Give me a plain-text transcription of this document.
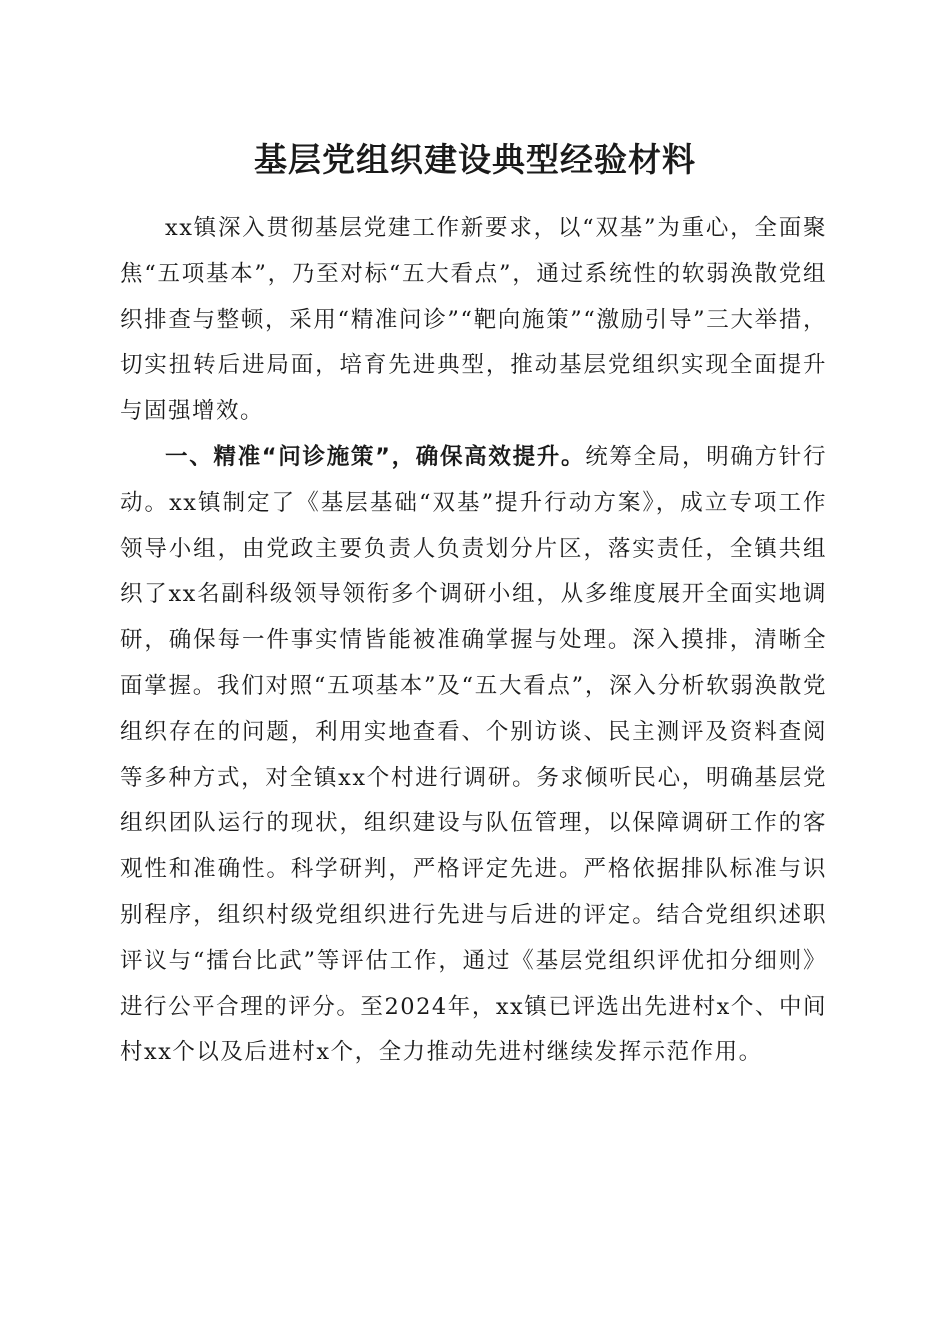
基层党组织建设典型经验材料

xx镇深入贯彻基层党建工作新要求，以“双基”为重心，全面聚焦“五项基本”，乃至对标“五大看点”，通过系统性的软弱涣散党组织排查与整顿，采用“精准问诊”“靶向施策”“激励引导”三大举措，切实扭转后进局面，培育先进典型，推动基层党组织实现全面提升与固强增效。

一、精准“问诊施策”，确保高效提升。统筹全局，明确方针行动。xx镇制定了《基层基础“双基”提升行动方案》，成立专项工作领导小组，由党政主要负责人负责划分片区，落实责任，全镇共组织了xx名副科级领导领衔多个调研小组，从多维度展开全面实地调研，确保每一件事实情皆能被准确掌握与处理。深入摸排，清晰全面掌握。我们对照“五项基本”及“五大看点”，深入分析软弱涣散党组织存在的问题，利用实地查看、个别访谈、民主测评及资料查阅等多种方式，对全镇xx个村进行调研。务求倾听民心，明确基层党组织团队运行的现状，组织建设与队伍管理，以保障调研工作的客观性和准确性。科学研判，严格评定先进。严格依据排队标准与识别程序，组织村级党组织进行先进与后进的评定。结合党组织述职评议与“擂台比武”等评估工作，通过《基层党组织评优扣分细则》进行公平合理的评分。至2024年，xx镇已评选出先进村x个、中间村xx个以及后进村x个，全力推动先进村继续发挥示范作用。
